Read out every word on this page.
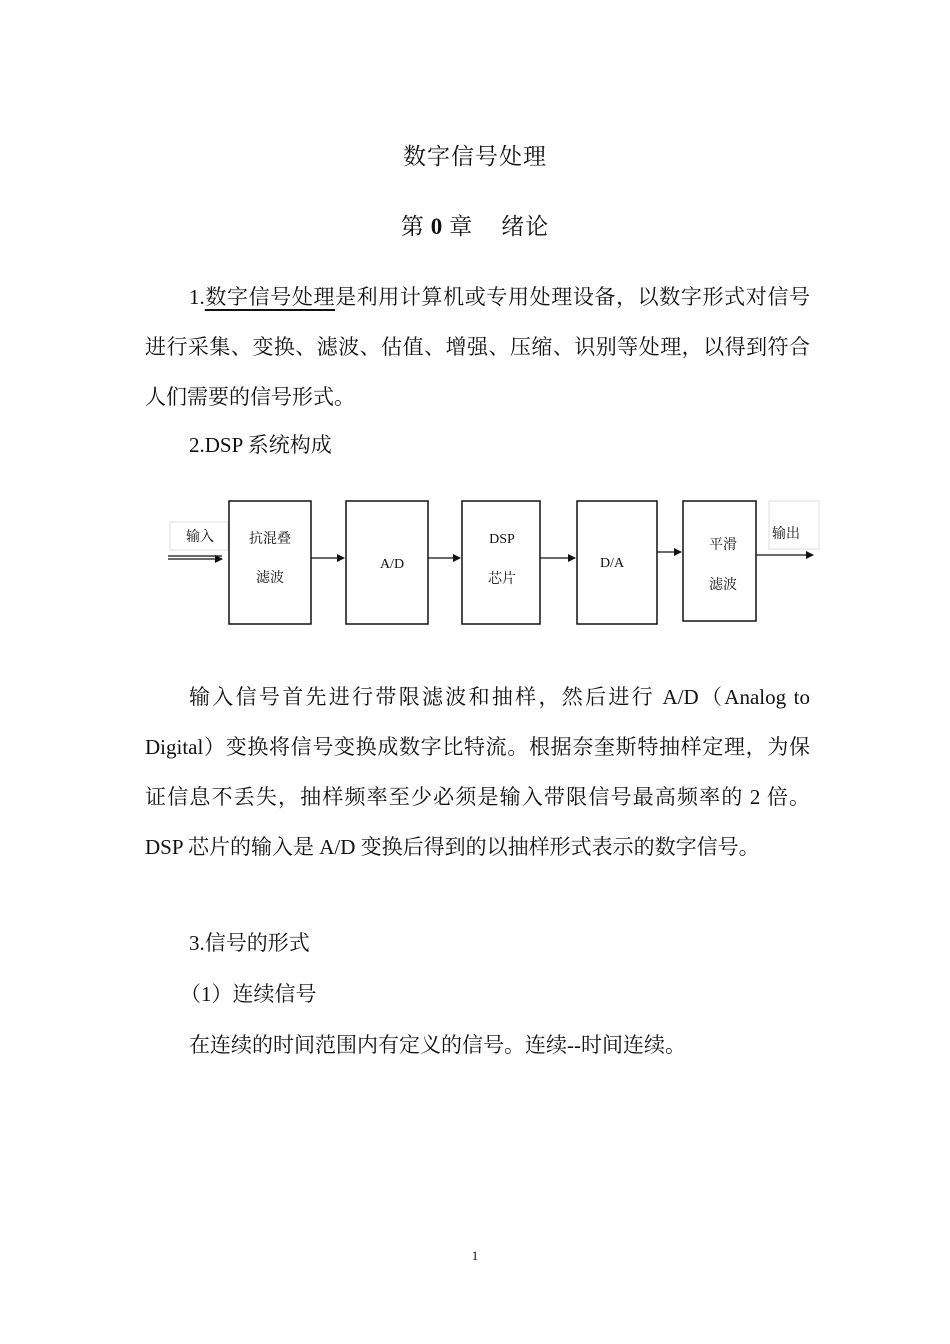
数字信号处理
第 0 章 绪论
1.数字信号处理是利用计算机或专用处理设备，以数字形式对信号进行采集、变换、滤波、估值、增强、压缩、识别等处理，以得到符合人们需要的信号形式。
2.DSP 系统构成
输入	抗混叠
滤波
A/D
DSP
芯片
D/A
平滑
滤波
输出
输入信号首先进行带限滤波和抽样，然后进行 A/D（Analog to Digital）变换将信号变换成数字比特流。根据奈奎斯特抽样定理，为保证信息不丢失，抽样频率至少必须是输入带限信号最高频率的 2 倍。DSP 芯片的输入是 A/D 变换后得到的以抽样形式表示的数字信号。
3.信号的形式
（1）连续信号
在连续的时间范围内有定义的信号。连续--时间连续。
1
